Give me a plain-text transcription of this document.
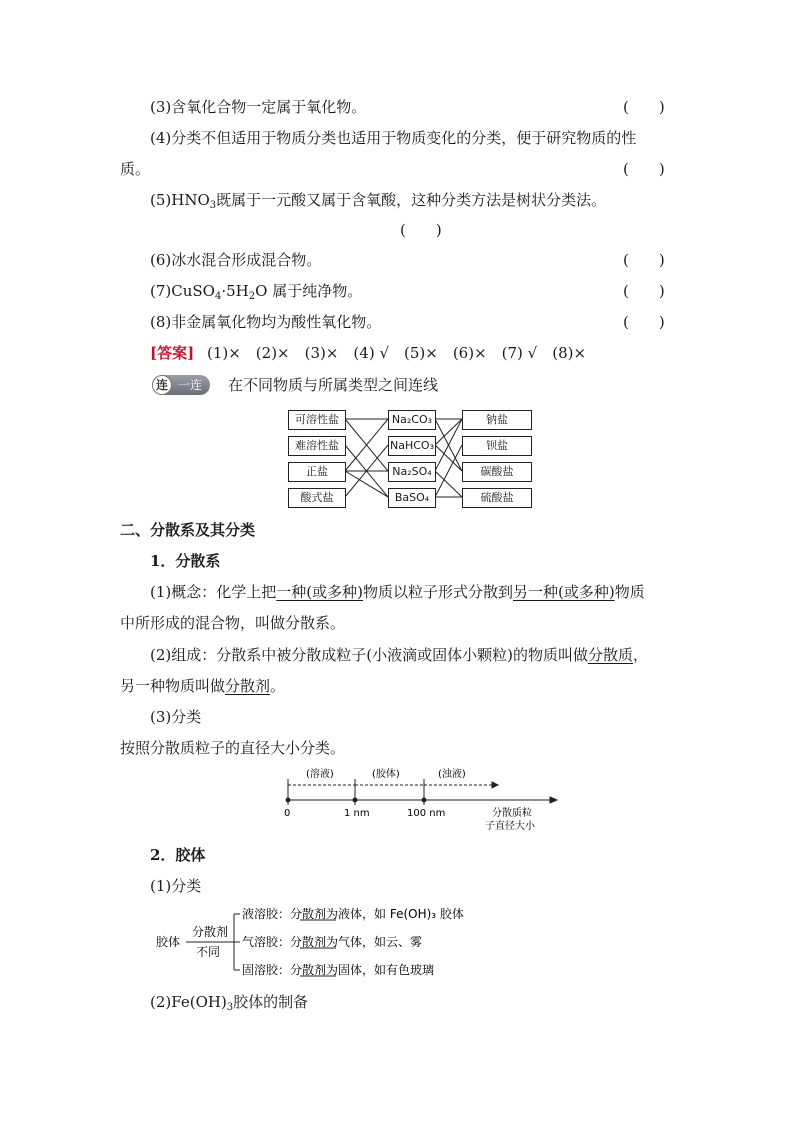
(3)含氧化合物一定属于氧化物。	(　　)
(4)分类不但适用于物质分类也适用于物质变化的分类，便于研究物质的性
质。	(　　)
$(5)HNO_3$既属于一元酸又属于含氧酸，这种分类方法是树状分类法。
(　　)
(6)冰水混合形成混合物。	(　　)
$(7)CuSO_4\cdot 5H_2O$ 属于纯净物。	(　　)
(8)非金属氧化物均为酸性氧化物。	(　　)
[答案] (1)×　(2)×　(3)×　(4) √　(5)×　(6)×　(7) √　(8)×
连 一连 在不同物质与所属类型之间连线
可溶性盐
难溶性盐
正盐
酸式盐
Na₂CO₃
NaHCO₃
Na₂SO₄
BaSO₄
钠盐
钡盐
碳酸盐
硫酸盐
二、分散系及其分类
1．分散系
(1)概念：化学上把一种(或多种)物质以粒子形式分散到另一种(或多种)物质
中所形成的混合物，叫做分散系。
(2)组成：分散系中被分散成粒子(小液滴或固体小颗粒)的物质叫做分散质，
另一种物质叫做分散剂。
(3)分类
按照分散质粒子的直径大小分类。
(溶液)	(胶体)	(浊液)
0	1 nm	100 nm	分散质粒
子直径大小
2．胶体
(1)分类
胶体
分散剂
不同
液溶胶：分散剂为液体，如 Fe(OH)₃ 胶体
气溶胶：分散剂为气体，如云、雾
固溶胶：分散剂为固体，如有色玻璃
$(2)Fe(OH)_3$胶体的制备
